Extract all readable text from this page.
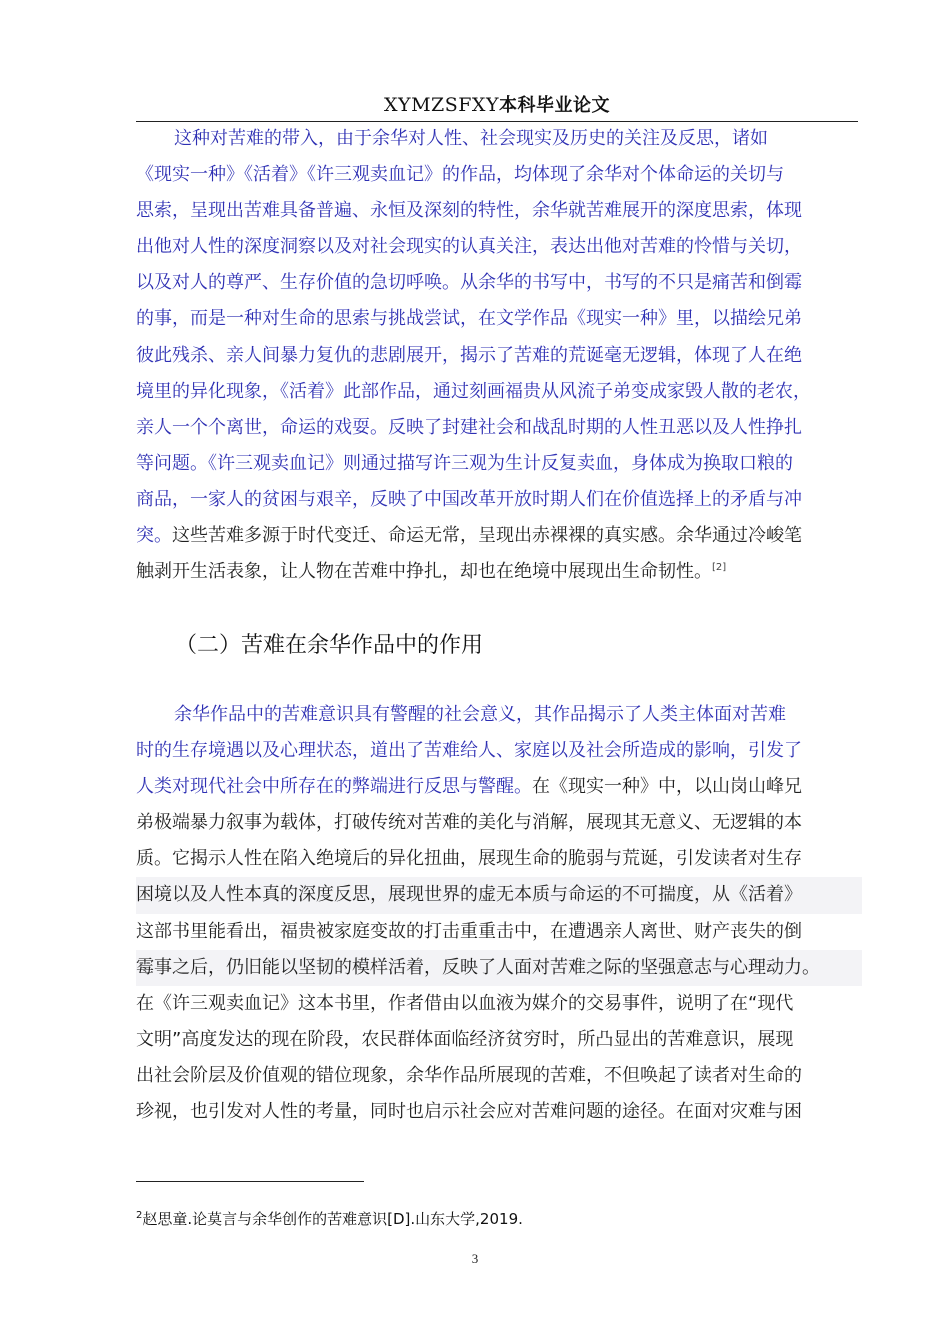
XYMZSFXY本科毕业论文
这种对苦难的带入，由于余华对人性、社会现实及历史的关注及反思，诸如
《现实一种》《活着》《许三观卖血记》的作品，均体现了余华对个体命运的关切与
思索，呈现出苦难具备普遍、永恒及深刻的特性，余华就苦难展开的深度思索，体现
出他对人性的深度洞察以及对社会现实的认真关注，表达出他对苦难的怜惜与关切，
以及对人的尊严、生存价值的急切呼唤。从余华的书写中，书写的不只是痛苦和倒霉
的事，而是一种对生命的思索与挑战尝试，在文学作品《现实一种》里，以描绘兄弟
彼此残杀、亲人间暴力复仇的悲剧展开，揭示了苦难的荒诞毫无逻辑，体现了人在绝
境里的异化现象，《活着》此部作品，通过刻画福贵从风流子弟变成家毁人散的老农，
亲人一个个离世，命运的戏耍。反映了封建社会和战乱时期的人性丑恶以及人性挣扎
等问题。《许三观卖血记》则通过描写许三观为生计反复卖血，身体成为换取口粮的
商品，一家人的贫困与艰辛，反映了中国改革开放时期人们在价值选择上的矛盾与冲
突。这些苦难多源于时代变迁、命运无常，呈现出赤裸裸的真实感。余华通过冷峻笔
触剥开生活表象，让人物在苦难中挣扎，却也在绝境中展现出生命韧性。[2]
（二）苦难在余华作品中的作用
余华作品中的苦难意识具有警醒的社会意义，其作品揭示了人类主体面对苦难
时的生存境遇以及心理状态，道出了苦难给人、家庭以及社会所造成的影响，引发了
人类对现代社会中所存在的弊端进行反思与警醒。在《现实一种》中，以山岗山峰兄
弟极端暴力叙事为载体，打破传统对苦难的美化与消解，展现其无意义、无逻辑的本
质。它揭示人性在陷入绝境后的异化扭曲，展现生命的脆弱与荒诞，引发读者对生存
困境以及人性本真的深度反思，展现世界的虚无本质与命运的不可揣度，从《活着》
这部书里能看出，福贵被家庭变故的打击重重击中，在遭遇亲人离世、财产丧失的倒
霉事之后，仍旧能以坚韧的模样活着，反映了人面对苦难之际的坚强意志与心理动力。
在《许三观卖血记》这本书里，作者借由以血液为媒介的交易事件，说明了在“现代
文明”高度发达的现在阶段，农民群体面临经济贫穷时，所凸显出的苦难意识，展现
出社会阶层及价值观的错位现象，余华作品所展现的苦难，不但唤起了读者对生命的
珍视，也引发对人性的考量，同时也启示社会应对苦难问题的途径。在面对灾难与困
$^2$赵思童.论莫言与余华创作的苦难意识[D].山东大学,2019.
3
